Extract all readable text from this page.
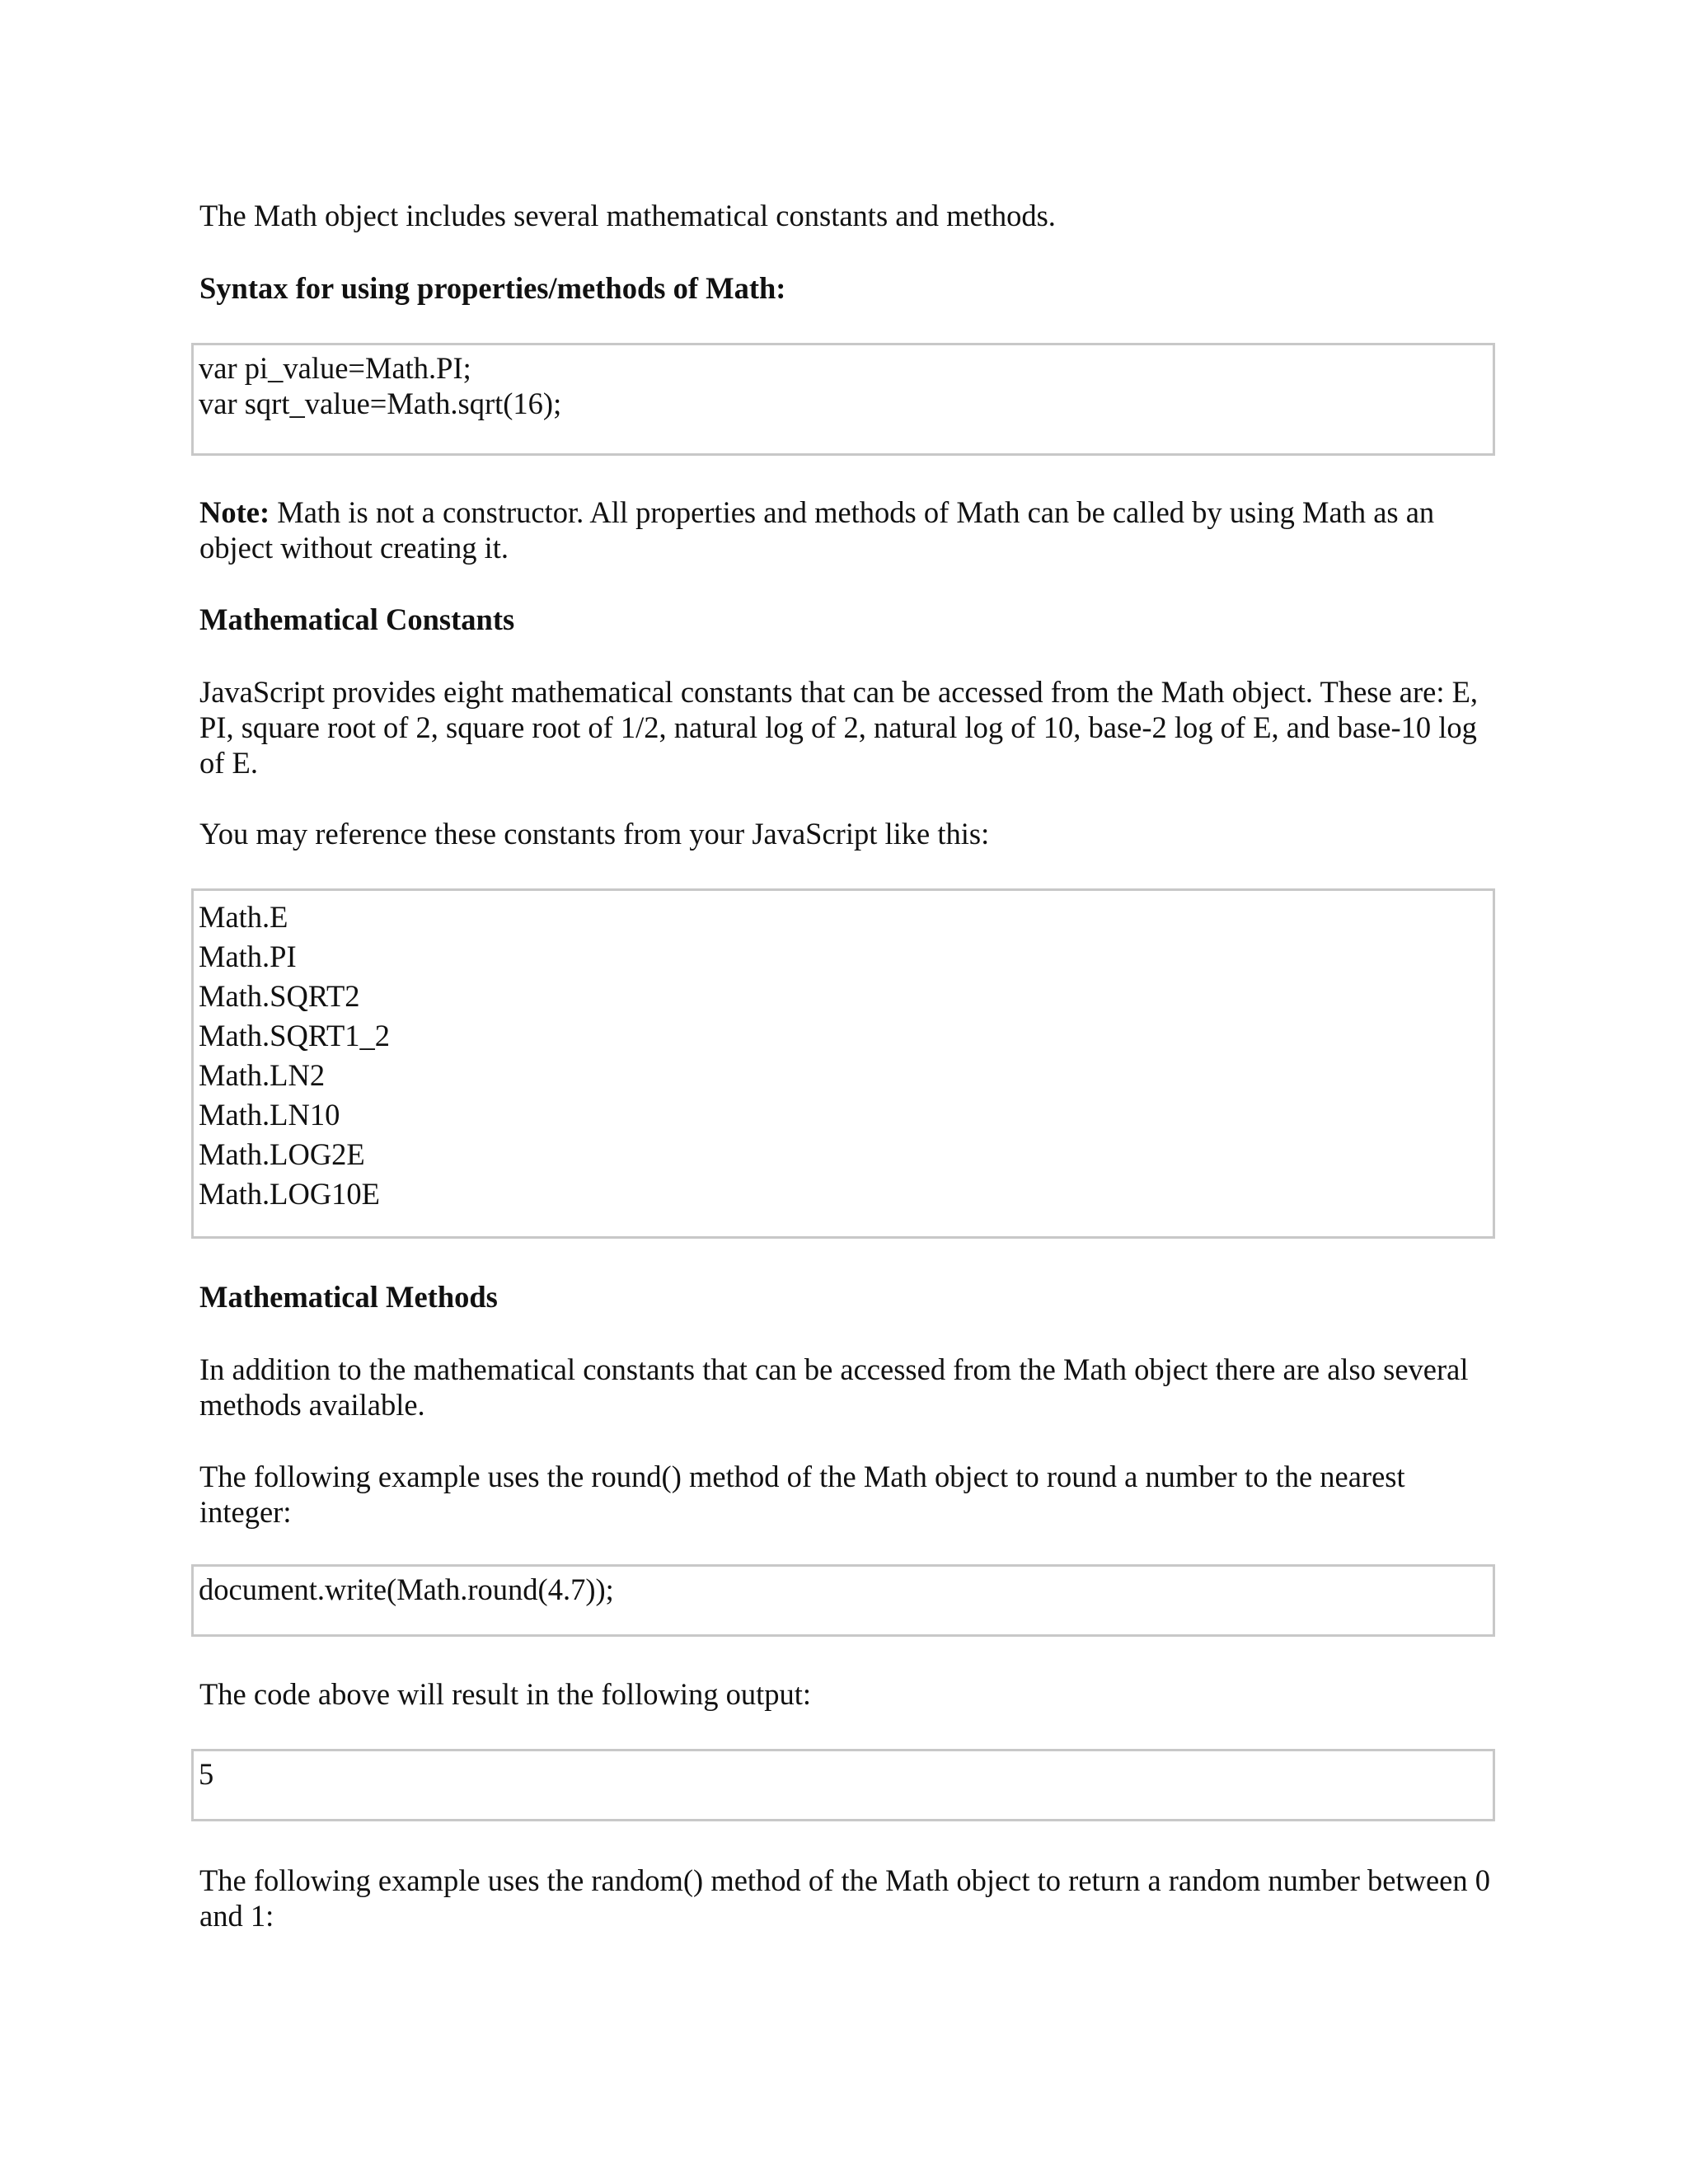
The Math object includes several mathematical constants and methods.

Syntax for using properties/methods of Math:

var pi_value=Math.PI;
var sqrt_value=Math.sqrt(16);

Note: Math is not a constructor. All properties and methods of Math can be called by using Math as an object without creating it.

Mathematical Constants

JavaScript provides eight mathematical constants that can be accessed from the Math object. These are: E, PI, square root of 2, square root of 1/2, natural log of 2, natural log of 10, base-2 log of E, and base-10 log of E.

You may reference these constants from your JavaScript like this:

Math.E
Math.PI
Math.SQRT2
Math.SQRT1_2
Math.LN2
Math.LN10
Math.LOG2E
Math.LOG10E

Mathematical Methods

In addition to the mathematical constants that can be accessed from the Math object there are also several methods available.

The following example uses the round() method of the Math object to round a number to the nearest integer:

document.write(Math.round(4.7));

The code above will result in the following output:

5

The following example uses the random() method of the Math object to return a random number between 0 and 1:
